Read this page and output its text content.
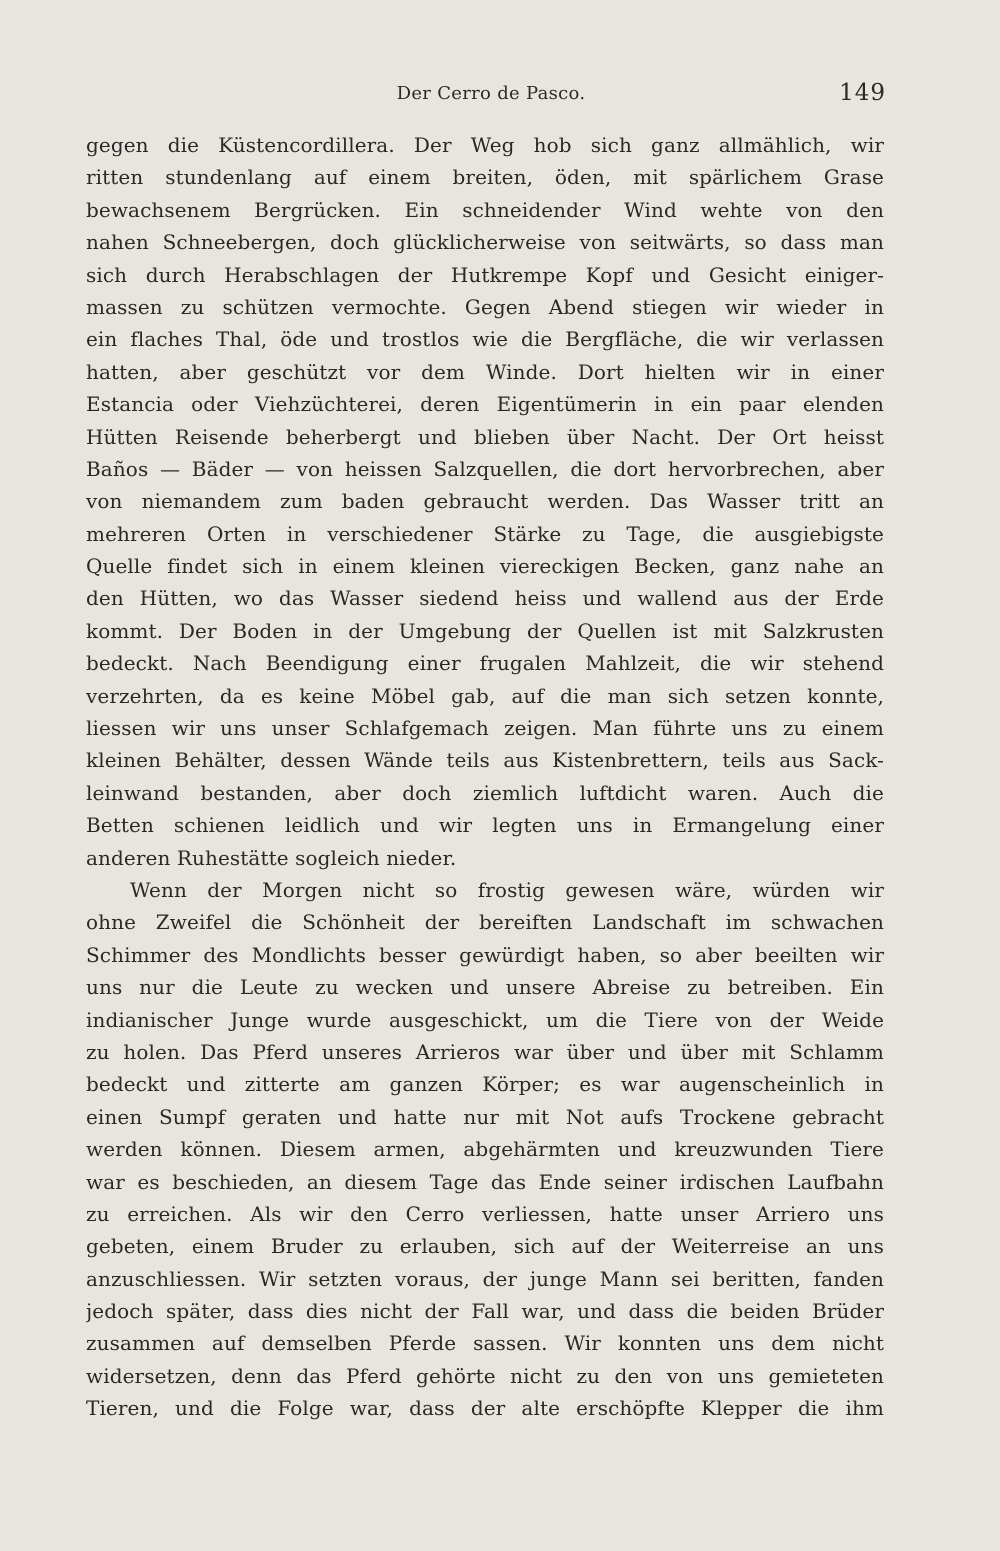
Der Cerro de Pasco.	149
gegen die Küstencordillera. Der Weg hob sich ganz allmählich, wir
ritten stundenlang auf einem breiten, öden, mit spärlichem Grase
bewachsenem Bergrücken. Ein schneidender Wind wehte von den
nahen Schneebergen, doch glücklicherweise von seitwärts, so dass man
sich durch Herabschlagen der Hutkrempe Kopf und Gesicht einiger-
massen zu schützen vermochte. Gegen Abend stiegen wir wieder in
ein flaches Thal, öde und trostlos wie die Bergfläche, die wir verlassen
hatten, aber geschützt vor dem Winde. Dort hielten wir in einer
Estancia oder Viehzüchterei, deren Eigentümerin in ein paar elenden
Hütten Reisende beherbergt und blieben über Nacht. Der Ort heisst
Baños — Bäder — von heissen Salzquellen, die dort hervorbrechen, aber
von niemandem zum baden gebraucht werden. Das Wasser tritt an
mehreren Orten in verschiedener Stärke zu Tage, die ausgiebigste
Quelle findet sich in einem kleinen viereckigen Becken, ganz nahe an
den Hütten, wo das Wasser siedend heiss und wallend aus der Erde
kommt. Der Boden in der Umgebung der Quellen ist mit Salzkrusten
bedeckt. Nach Beendigung einer frugalen Mahlzeit, die wir stehend
verzehrten, da es keine Möbel gab, auf die man sich setzen konnte,
liessen wir uns unser Schlafgemach zeigen. Man führte uns zu einem
kleinen Behälter, dessen Wände teils aus Kistenbrettern, teils aus Sack-
leinwand bestanden, aber doch ziemlich luftdicht waren. Auch die
Betten schienen leidlich und wir legten uns in Ermangelung einer
anderen Ruhestätte sogleich nieder.
Wenn der Morgen nicht so frostig gewesen wäre, würden wir
ohne Zweifel die Schönheit der bereiften Landschaft im schwachen
Schimmer des Mondlichts besser gewürdigt haben, so aber beeilten wir
uns nur die Leute zu wecken und unsere Abreise zu betreiben. Ein
indianischer Junge wurde ausgeschickt, um die Tiere von der Weide
zu holen. Das Pferd unseres Arrieros war über und über mit Schlamm
bedeckt und zitterte am ganzen Körper; es war augenscheinlich in
einen Sumpf geraten und hatte nur mit Not aufs Trockene gebracht
werden können. Diesem armen, abgehärmten und kreuzwunden Tiere
war es beschieden, an diesem Tage das Ende seiner irdischen Laufbahn
zu erreichen. Als wir den Cerro verliessen, hatte unser Arriero uns
gebeten, einem Bruder zu erlauben, sich auf der Weiterreise an uns
anzuschliessen. Wir setzten voraus, der junge Mann sei beritten, fanden
jedoch später, dass dies nicht der Fall war, und dass die beiden Brüder
zusammen auf demselben Pferde sassen. Wir konnten uns dem nicht
widersetzen, denn das Pferd gehörte nicht zu den von uns gemieteten
Tieren, und die Folge war, dass der alte erschöpfte Klepper die ihm
